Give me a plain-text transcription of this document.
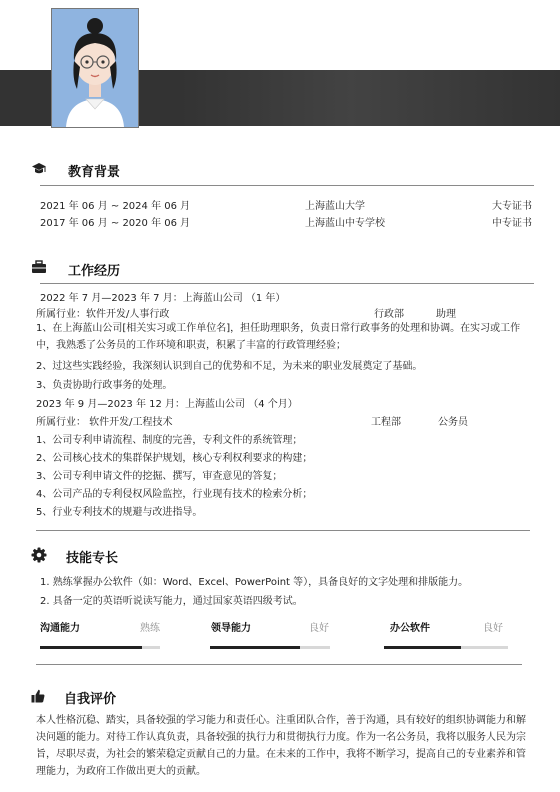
教育背景
2021 年 06 月 ~ 2024 年 06 月	上海蓝山大学	大专证书
2017 年 06 月 ~ 2020 年 06 月	上海蓝山中专学校	中专证书
工作经历
2022 年 7 月—2023 年 7 月：上海蓝山公司 （1 年）
所属行业：软件开发/人事行政	行政部	助理
1、在上海蓝山公司[相关实习或工作单位名]，担任助理职务，负责日常行政事务的处理和协调。在实习或工作中，我熟悉了公务员的工作环境和职责，积累了丰富的行政管理经验；
2、过这些实践经验，我深刻认识到自己的优势和不足，为未来的职业发展奠定了基础。
3、负责协助行政事务的处理。
2023 年 9 月—2023 年 12 月：上海蓝山公司 （4 个月）
所属行业： 软件开发/工程技术	工程部	公务员
1、公司专利申请流程、制度的完善，专利文件的系统管理；
2、公司核心技术的集群保护规划，核心专利权利要求的构建；
3、公司专利申请文件的挖掘、撰写，审查意见的答复；
4、公司产品的专利侵权风险监控，行业现有技术的检索分析；
5、行业专利技术的规避与改进指导。
技能专长
1. 熟练掌握办公软件（如：Word、Excel、PowerPoint 等），具备良好的文字处理和排版能力。
2. 具备一定的英语听说读写能力，通过国家英语四级考试。
沟通能力	熟练	领导能力	良好	办公软件	良好
自我评价
本人性格沉稳、踏实，具备较强的学习能力和责任心。注重团队合作，善于沟通，具有较好的组织协调能力和解决问题的能力。对待工作认真负责，具备较强的执行力和贯彻执行力度。作为一名公务员，我将以服务人民为宗旨，尽职尽责，为社会的繁荣稳定贡献自己的力量。在未来的工作中，我将不断学习，提高自己的专业素养和管理能力，为政府工作做出更大的贡献。
